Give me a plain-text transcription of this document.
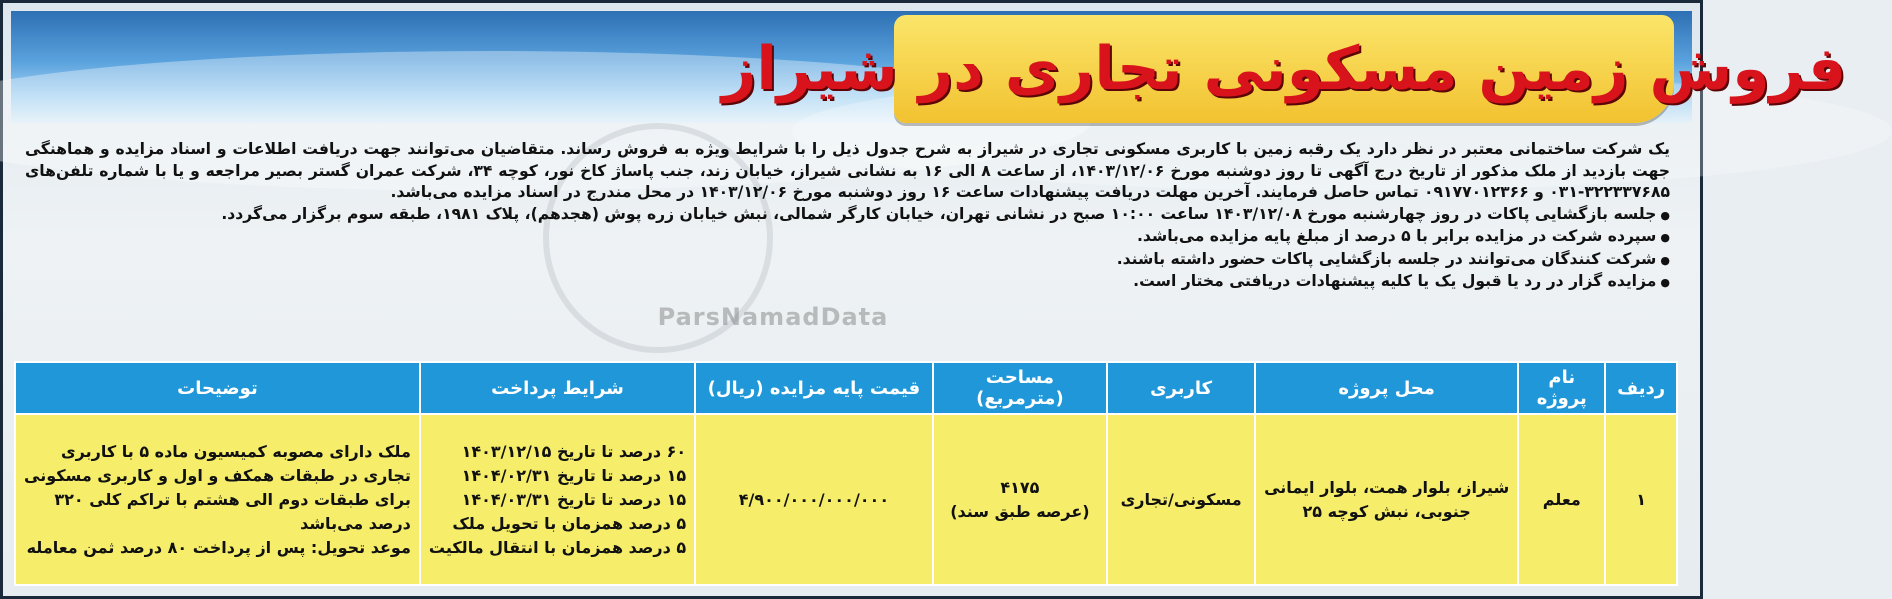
فروش زمین مسکونی تجاری در شیراز
ParsNamadData

یک شرکت ساختمانی معتبر در نظر دارد یک رقبه زمین با کاربری مسکونی تجاری در شیراز به شرح جدول ذیل را با شرایط ویژه به فروش رساند. متقاضیان می‌توانند جهت دریافت اطلاعات و اسناد مزایده و هماهنگی جهت بازدید از ملک مذکور از تاریخ درج آگهی تا روز دوشنبه مورخ ۱۴۰۳/۱۲/۰۶، از ساعت ۸ الی ۱۶ به نشانی شیراز، خیابان زند، جنب پاساژ کاخ نور، کوچه ۳۴، شرکت عمران گستر بصیر مراجعه و یا با شماره تلفن‌های ۳۲۲۳۳۷۶۸۵-۰۳۱ و ۰۹۱۷۷۰۱۲۳۶۶ تماس حاصل فرمایند. آخرین مهلت دریافت پیشنهادات ساعت ۱۶ روز دوشنبه مورخ ۱۴۰۳/۱۲/۰۶ در محل مندرج در اسناد مزایده می‌باشد.

● جلسه بازگشایی پاکات در روز چهارشنبه مورخ ۱۴۰۳/۱۲/۰۸ ساعت ۱۰:۰۰ صبح در نشانی تهران، خیابان کارگر شمالی، نبش خیابان زره پوش (هجدهم)، پلاک ۱۹۸۱، طبقه سوم برگزار می‌گردد.
● سپرده شرکت در مزایده برابر با ۵ درصد از مبلغ پایه مزایده می‌باشد.
● شرکت کنندگان می‌توانند در جلسه بازگشایی پاکات حضور داشته باشند.
● مزایده گزار در رد یا قبول یک یا کلیه پیشنهادات دریافتی مختار است.
ردیف	نام پروژه	محل پروژه	کاربری	مساحت (مترمربع)	قیمت پایه مزایده (ریال)	شرایط پرداخت	توضیحات
۱	معلم	شیراز، بلوار همت، بلوار ایمانی
جنوبی، نبش کوچه ۲۵	مسکونی/تجاری	۴۱۷۵
(عرصه طبق سند)	۴/۹۰۰/۰۰۰/۰۰۰/۰۰۰	۶۰ درصد تا تاریخ ۱۴۰۳/۱۲/۱۵
۱۵ درصد تا تاریخ ۱۴۰۴/۰۲/۳۱
۱۵ درصد تا تاریخ ۱۴۰۴/۰۳/۳۱
۵ درصد همزمان با تحویل ملک
۵ درصد همزمان با انتقال مالکیت	ملک دارای مصوبه کمیسیون ماده ۵ با کاربری
تجاری در طبقات همکف و اول و کاربری مسکونی
برای طبقات دوم الی هشتم با تراکم کلی ۳۲۰
درصد می‌باشد
موعد تحویل: پس از پرداخت ۸۰ درصد ثمن معامله
